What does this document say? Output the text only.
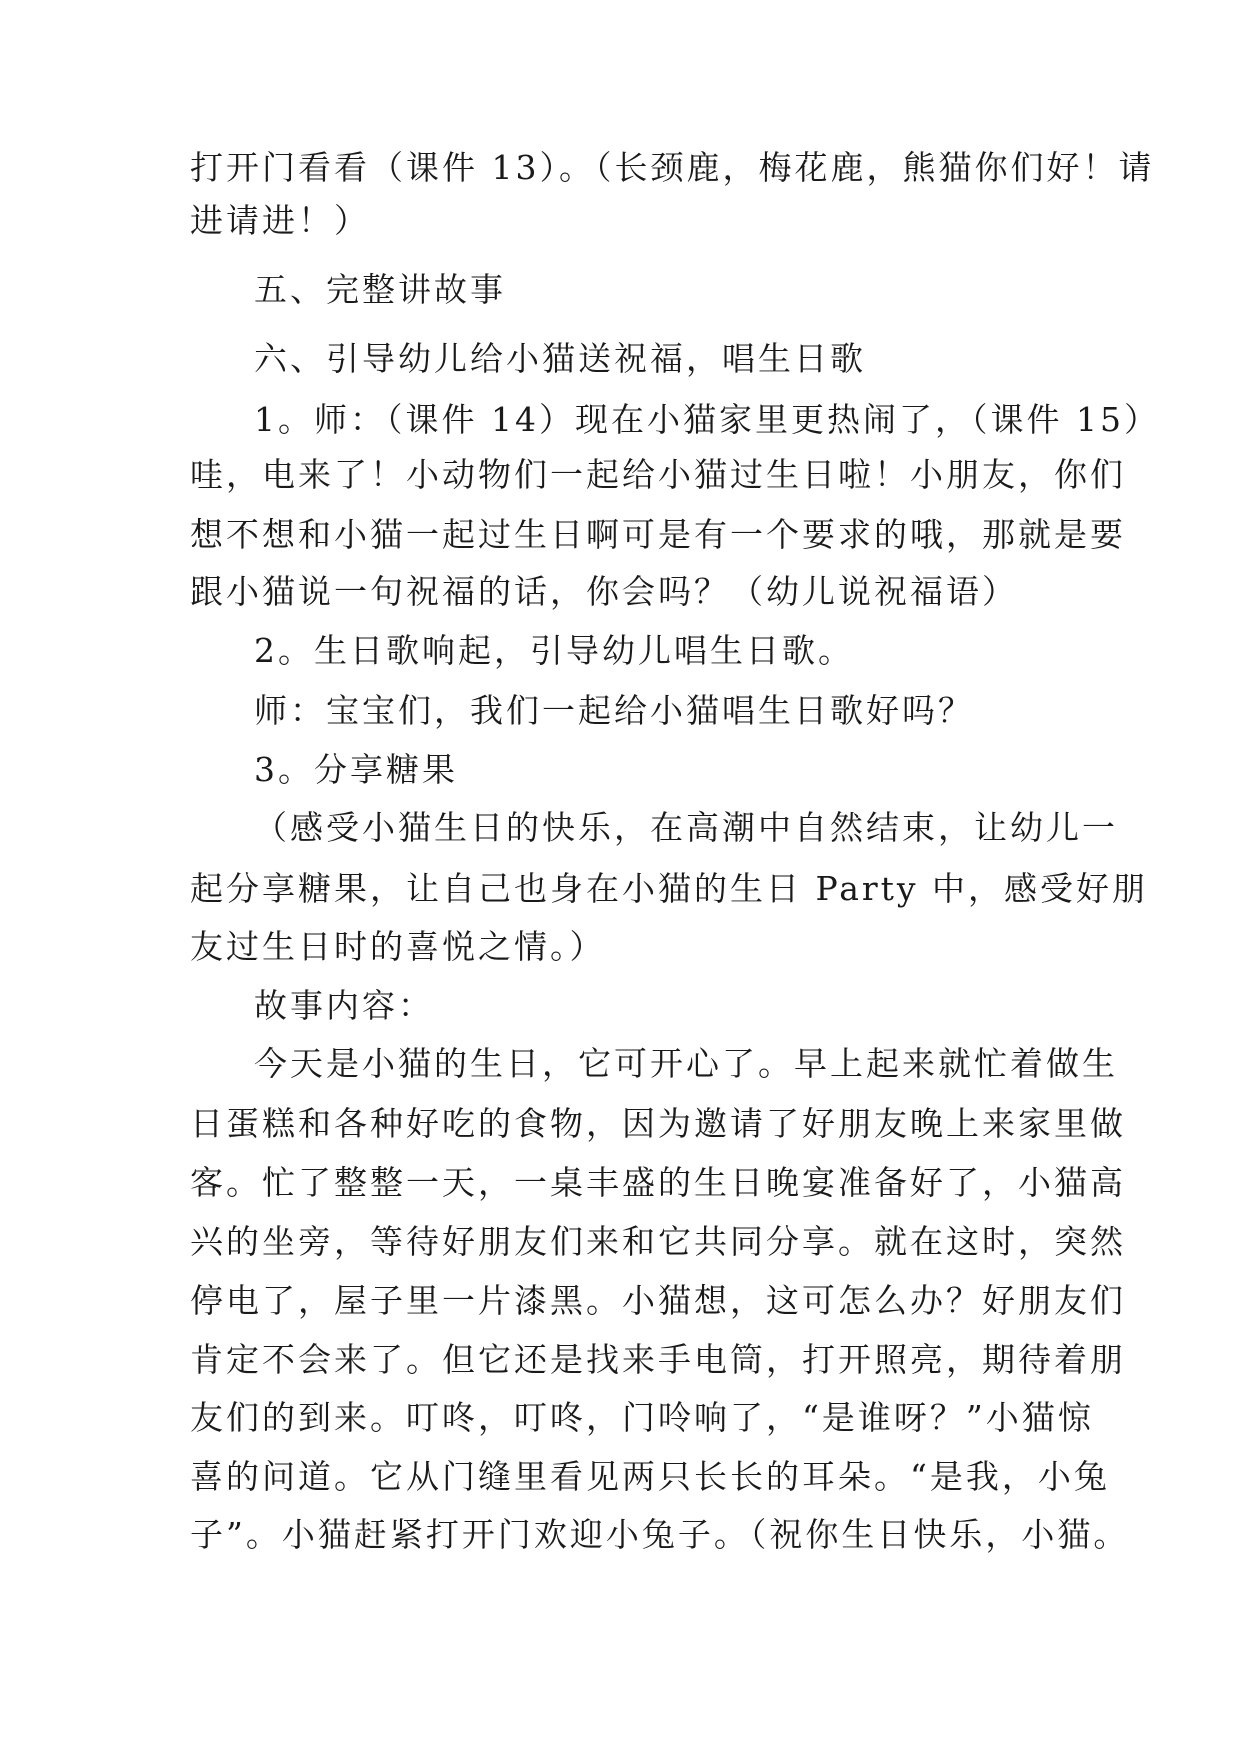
打开门看看（课件 13）。（长颈鹿，梅花鹿，熊猫你们好！请
进请进！）
五、完整讲故事
六、引导幼儿给小猫送祝福，唱生日歌
1。师：（课件 14）现在小猫家里更热闹了，（课件 15）
哇，电来了！小动物们一起给小猫过生日啦！小朋友，你们
想不想和小猫一起过生日啊可是有一个要求的哦，那就是要
跟小猫说一句祝福的话，你会吗？（幼儿说祝福语）
2。生日歌响起，引导幼儿唱生日歌。
师：宝宝们，我们一起给小猫唱生日歌好吗？
3。分享糖果
（感受小猫生日的快乐，在高潮中自然结束，让幼儿一
起分享糖果，让自己也身在小猫的生日 Party 中，感受好朋
友过生日时的喜悦之情。）
故事内容：
今天是小猫的生日，它可开心了。早上起来就忙着做生
日蛋糕和各种好吃的食物，因为邀请了好朋友晚上来家里做
客。忙了整整一天，一桌丰盛的生日晚宴准备好了，小猫高
兴的坐旁，等待好朋友们来和它共同分享。就在这时，突然
停电了，屋子里一片漆黑。小猫想，这可怎么办？好朋友们
肯定不会来了。但它还是找来手电筒，打开照亮，期待着朋
友们的到来。叮咚，叮咚，门呤响了，“是谁呀？”小猫惊
喜的问道。它从门缝里看见两只长长的耳朵。“是我，小兔
子”。小猫赶紧打开门欢迎小兔子。（祝你生日快乐，小猫。
